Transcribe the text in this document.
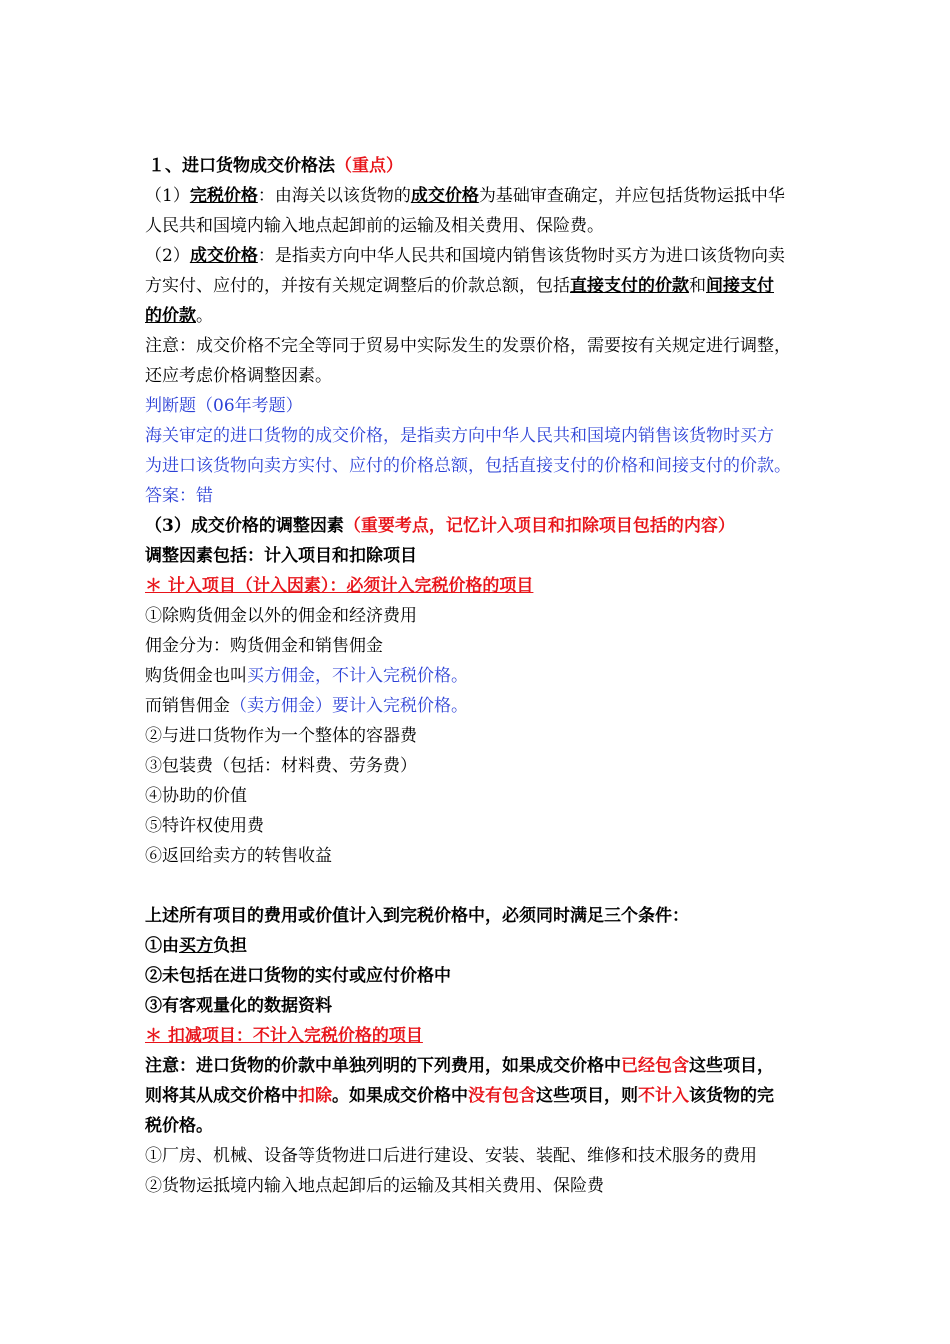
１、进口货物成交价格法（重点）
（1）完税价格：由海关以该货物的成交价格为基础审查确定，并应包括货物运抵中华
人民共和国境内输入地点起卸前的运输及相关费用、保险费。
（2）成交价格：是指卖方向中华人民共和国境内销售该货物时买方为进口该货物向卖
方实付、应付的，并按有关规定调整后的价款总额，包括直接支付的价款和间接支付
的价款。
注意：成交价格不完全等同于贸易中实际发生的发票价格，需要按有关规定进行调整，
还应考虑价格调整因素。
判断题（06年考题）
海关审定的进口货物的成交价格，是指卖方向中华人民共和国境内销售该货物时买方
为进口该货物向卖方实付、应付的价格总额，包括直接支付的价格和间接支付的价款。
答案：错
（3）成交价格的调整因素（重要考点，记忆计入项目和扣除项目包括的内容）
调整因素包括：计入项目和扣除项目
＊ 计入项目（计入因素）：必须计入完税价格的项目
①除购货佣金以外的佣金和经济费用
佣金分为：购货佣金和销售佣金
购货佣金也叫买方佣金，不计入完税价格。
而销售佣金（卖方佣金）要计入完税价格。
②与进口货物作为一个整体的容器费
③包装费（包括：材料费、劳务费）
④协助的价值
⑤特许权使用费
⑥返回给卖方的转售收益
上述所有项目的费用或价值计入到完税价格中，必须同时满足三个条件：
①由买方负担
②未包括在进口货物的实付或应付价格中
③有客观量化的数据资料
＊ 扣减项目：不计入完税价格的项目
注意：进口货物的价款中单独列明的下列费用，如果成交价格中已经包含这些项目，
则将其从成交价格中扣除。如果成交价格中没有包含这些项目，则不计入该货物的完
税价格。
①厂房、机械、设备等货物进口后进行建设、安装、装配、维修和技术服务的费用
②货物运抵境内输入地点起卸后的运输及其相关费用、保险费
